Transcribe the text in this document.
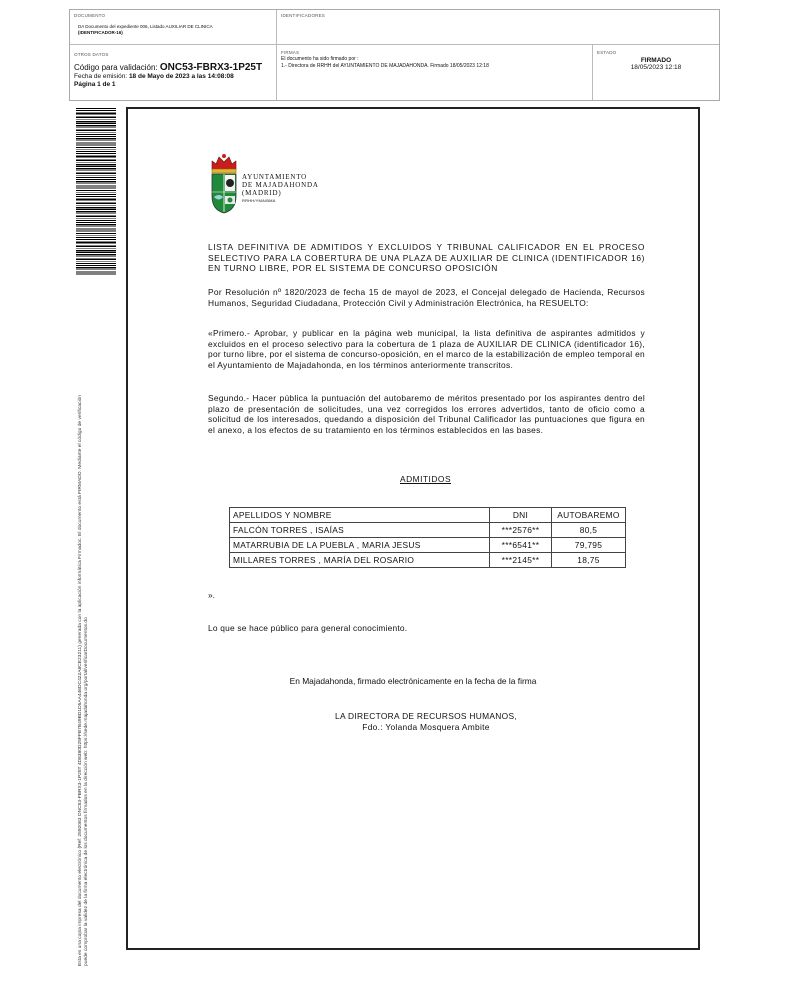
DOCUMENTO
DA Documento del expediente 006, Listado AUXILIAR DE CLINICA
(IDENTIFICADOR-16)
IDENTIFICADORES
OTROS DATOS
Código para validación: ONC53-FBRX3-1P25T
Fecha de emisión: 18 de Mayo de 2023 a las 14:08:08
Página 1 de 1
FIRMAS
El documento ha sido firmado por :
1.- Directora de RRHH del AYUNTAMIENTO DE MAJADAHONDA. Firmado 18/05/2023 12:18
ESTADO
FIRMADO
18/05/2023 12:18
Esta es una copia impresa del documento electrónico (Ref: 2592083 ONC53-FBRX3-1P25T 4D8380D25FFB7B49BD1D5AA446DC422A8CE23211) generada con la aplicación informática Firmadoc. El documento está FIRMADO. Mediante el código de verificación puede comprobar la validez de la firma electrónica de los documentos firmados en la dirección web: https://sede.majadahonda.org/portal/verificarDocumentos.do
AYUNTAMIENTO
DE MAJADAHONDA
(MADRID)
RRHH/YMA/BMA
LISTA DEFINITIVA DE ADMITIDOS Y EXCLUIDOS Y TRIBUNAL CALIFICADOR EN EL PROCESO SELECTIVO PARA LA COBERTURA DE UNA PLAZA DE AUXILIAR DE CLINICA (IDENTIFICADOR 16) EN TURNO LIBRE, POR EL SISTEMA DE CONCURSO OPOSICIÓN
Por Resolución nº 1820/2023 de fecha 15 de mayol de 2023, el Concejal delegado de Hacienda, Recursos Humanos, Seguridad Ciudadana, Protección Civil y Administración Electrónica, ha RESUELTO:
«Primero.- Aprobar, y publicar en la página web municipal, la lista definitiva de aspirantes admitidos y excluidos en el proceso selectivo para la cobertura de 1 plaza de AUXILIAR DE CLINICA (identificador 16), por turno libre, por el sistema de concurso-oposición, en el marco de la estabilización de empleo temporal en el Ayuntamiento de Majadahonda, en los términos anteriormente transcritos.
Segundo.- Hacer pública la puntuación del autobaremo de méritos presentado por los aspirantes dentro del plazo de presentación de solicitudes, una vez corregidos los errores advertidos, tanto de oficio como a solicitud de los interesados, quedando a disposición del Tribunal Calificador las puntuaciones que figura en el anexo, a los efectos de su tratamiento en los términos establecidos en las bases.
ADMITIDOS
APELLIDOS Y NOMBRE	DNI	AUTOBAREMO
FALCÓN TORRES , ISAÍAS	***2576**	80,5
MATARRUBIA DE LA PUEBLA , MARIA JESUS	***6541**	79,795
MILLARES TORRES , MARÍA DEL ROSARIO	***2145**	18,75
».
Lo que se hace público para general conocimiento.
En Majadahonda, firmado electrónicamente en la fecha de la firma
LA DIRECTORA DE RECURSOS HUMANOS,
Fdo.: Yolanda Mosquera Ambite
